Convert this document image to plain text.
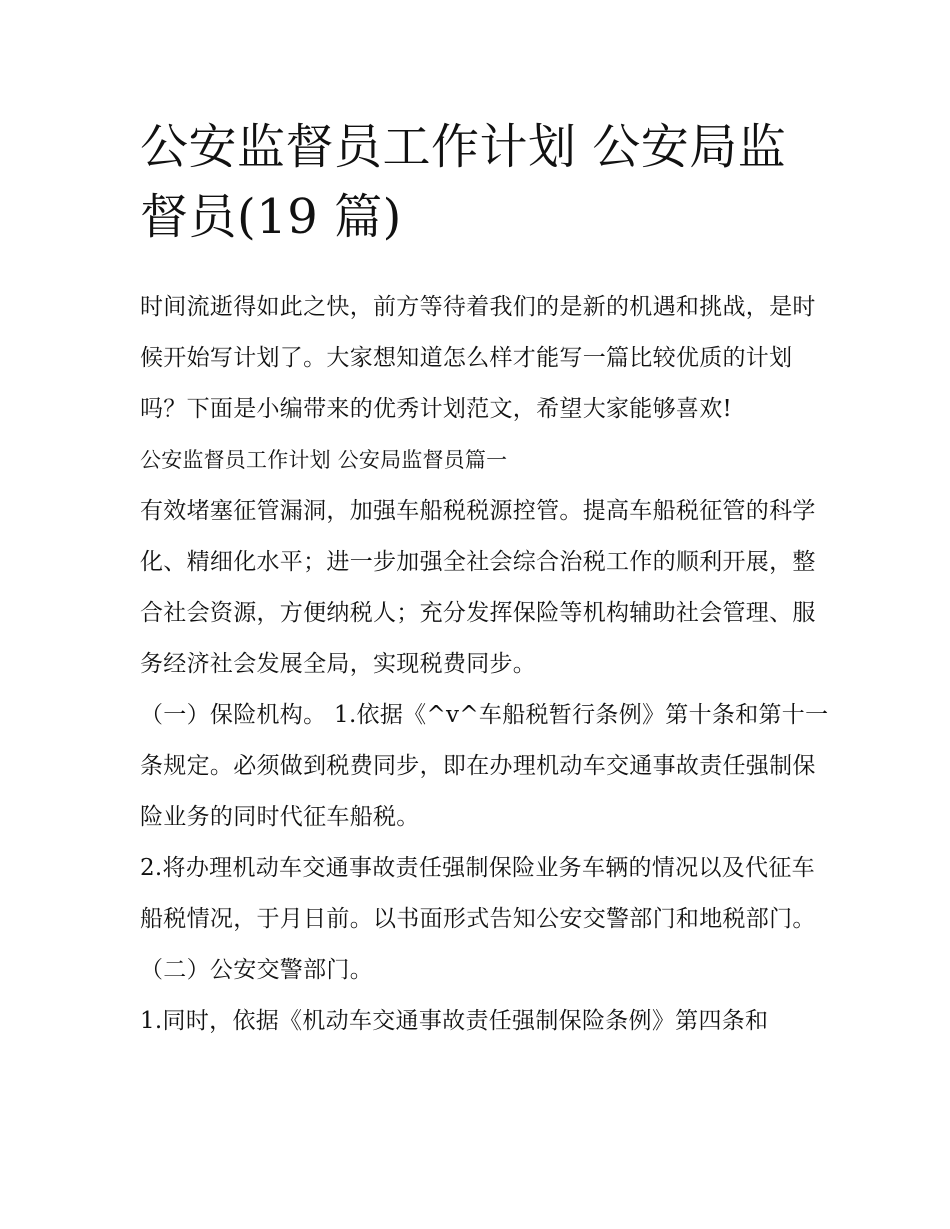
公安监督员工作计划 公安局监督员(19 篇)

时间流逝得如此之快，前方等待着我们的是新的机遇和挑战，是时候开始写计划了。大家想知道怎么样才能写一篇比较优质的计划吗？下面是小编带来的优秀计划范文，希望大家能够喜欢!

公安监督员工作计划 公安局监督员篇一

有效堵塞征管漏洞，加强车船税税源控管。提高车船税征管的科学化、精细化水平；进一步加强全社会综合治税工作的顺利开展，整合社会资源，方便纳税人；充分发挥保险等机构辅助社会管理、服务经济社会发展全局，实现税费同步。

（一）保险机构。 1.依据《^v^车船税暂行条例》第十条和第十一条规定。必须做到税费同步，即在办理机动车交通事故责任强制保险业务的同时代征车船税。

2.将办理机动车交通事故责任强制保险业务车辆的情况以及代征车船税情况，于月日前。以书面形式告知公安交警部门和地税部门。 （二）公安交警部门。

1.同时，依据《机动车交通事故责任强制保险条例》第四条和
